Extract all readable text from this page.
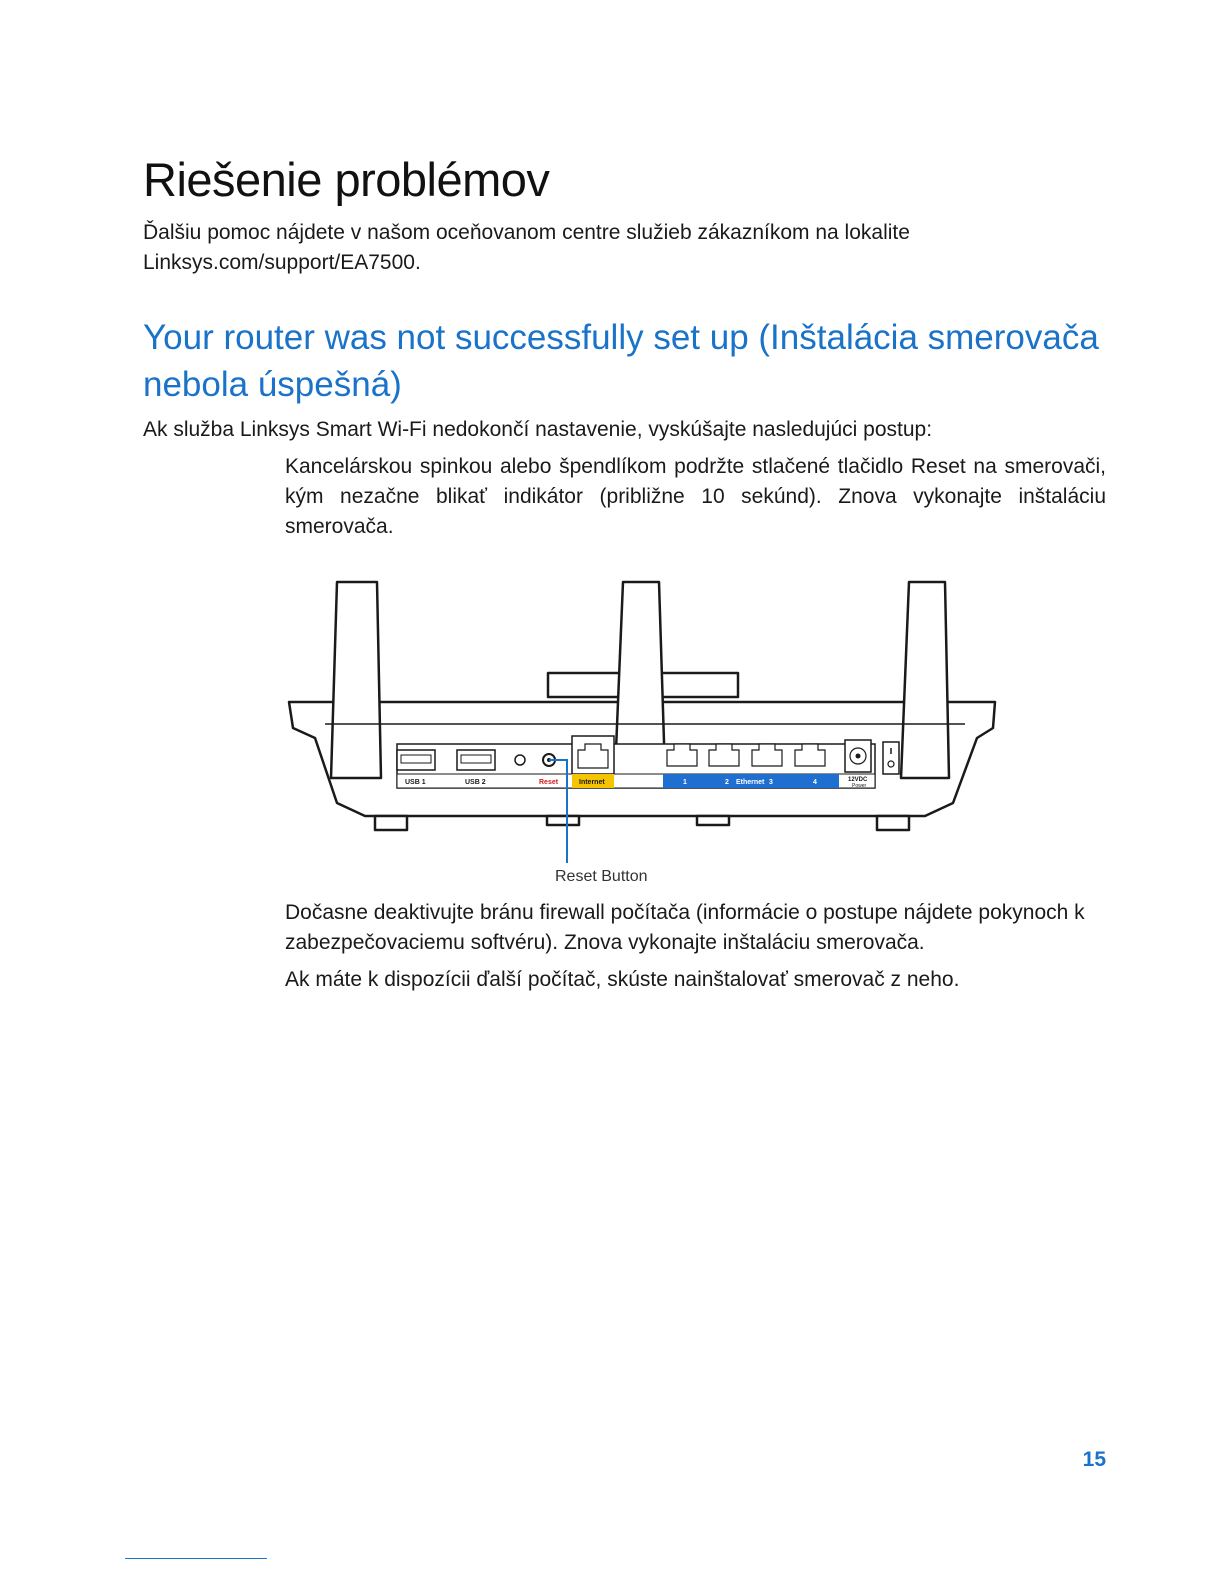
Riešenie problémov

Ďalšiu pomoc nájdete v našom oceňovanom centre služieb zákazníkom na lokalite
Linksys.com/support/EA7500.

Your router was not successfully set up (Inštalácia smerovača nebola úspešná)

Ak služba Linksys Smart Wi-Fi nedokončí nastavenie, vyskúšajte nasledujúci postup:

Kancelárskou spinkou alebo špendlíkom podržte stlačené tlačidlo Reset na smerovači, kým nezačne blikať indikátor (približne 10 sekúnd). Znova vykonajte inštaláciu smerovača.

USB 1	USB 2	Reset	Internet	1	2 Ethernet 3	4	12VDC
Power
Reset Button

Dočasne deaktivujte bránu firewall počítača (informácie o postupe nájdete pokynoch k zabezpečovaciemu softvéru). Znova vykonajte inštaláciu smerovača.

Ak máte k dispozícii ďalší počítač, skúste nainštalovať smerovač z neho.

15
